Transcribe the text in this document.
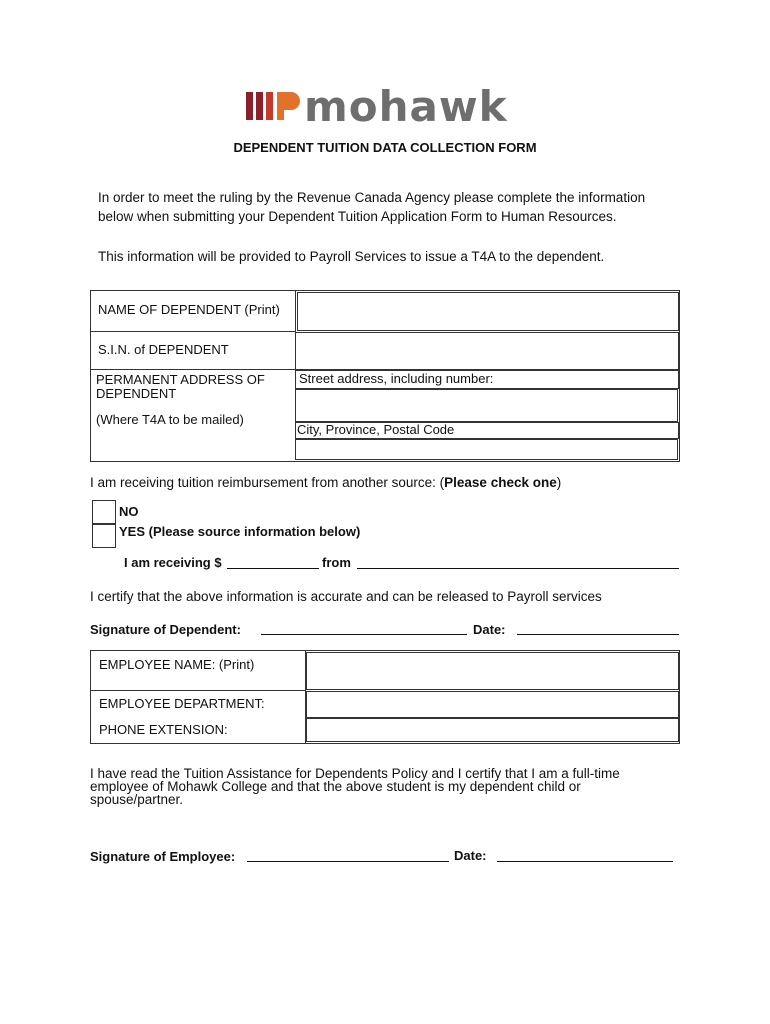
mohawk
DEPENDENT TUITION DATA COLLECTION FORM
In order to meet the ruling by the Revenue Canada Agency please complete the information
below when submitting your Dependent Tuition Application Form to Human Resources.
This information will be provided to Payroll Services to issue a T4A to the dependent.
NAME OF DEPENDENT (Print)
S.I.N. of DEPENDENT
PERMANENT ADDRESS OF
DEPENDENT
(Where T4A to be mailed)
Street address, including number:
City, Province, Postal Code
I am receiving tuition reimbursement from another source: (Please check one)
NO
YES (Please source information below)
I am receiving $	from
I certify that the above information is accurate and can be released to Payroll services
Signature of Dependent:	Date:
EMPLOYEE NAME: (Print)
EMPLOYEE DEPARTMENT:
PHONE EXTENSION:
I have read the Tuition Assistance for Dependents Policy and I certify that I am a full-time
employee of Mohawk College and that the above student is my dependent child or
spouse/partner.
Signature of Employee:	Date:
